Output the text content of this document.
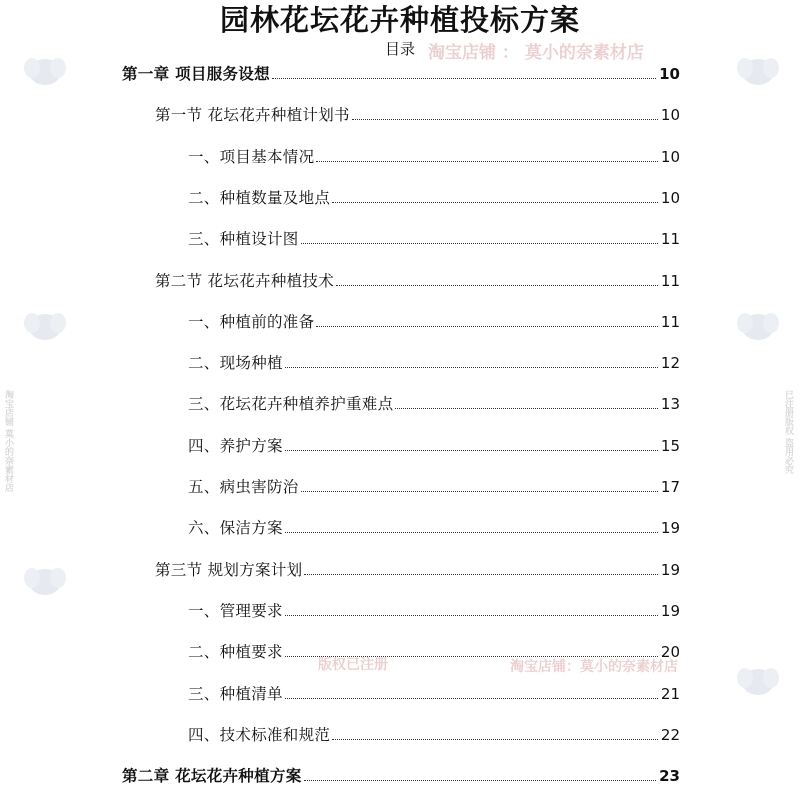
淘宝店铺 ： 莫小的奈素材店
版权已注册	淘宝店铺：莫小的奈素材店
淘宝店铺 莫小的奈素材店	已注册版权 盗用必究
园林花坛花卉种植投标方案
目录
第一章 项目服务设想	10
第一节 花坛花卉种植计划书	10
一、项目基本情况	10
二、种植数量及地点	10
三、种植设计图	11
第二节 花坛花卉种植技术	11
一、种植前的准备	11
二、现场种植	12
三、花坛花卉种植养护重难点	13
四、养护方案	15
五、病虫害防治	17
六、保洁方案	19
第三节 规划方案计划	19
一、管理要求	19
二、种植要求	20
三、种植清单	21
四、技术标准和规范	22
第二章 花坛花卉种植方案	23
